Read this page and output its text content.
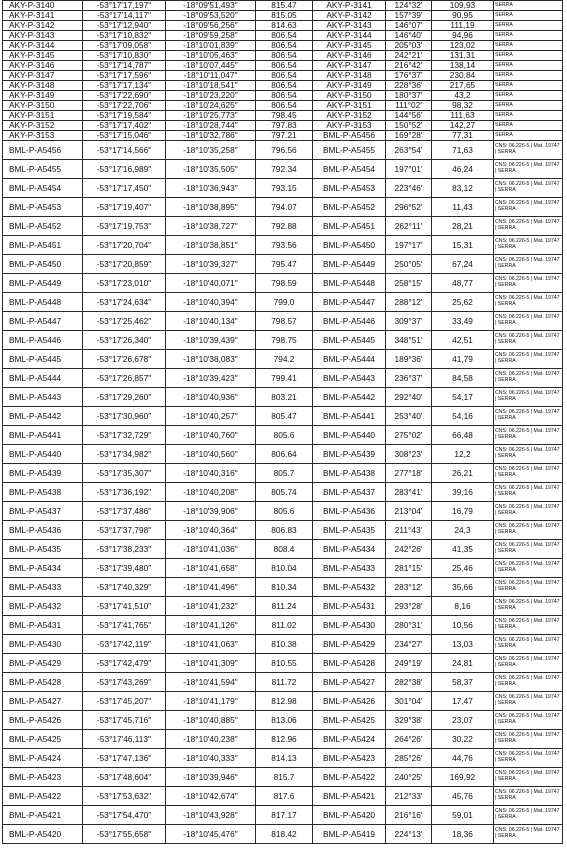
AKY-P-3140	-53°17'17,197"	-18°09'51,493"	815.47	AKY-P-3141	124°32'	109,93	SERRA
AKY-P-3141	-53°17'14,117"	-18°09'53,520"	815.05	AKY-P-3142	157°39'	90,95	SERRA
AKY-P-3142	-53°17'12,940"	-18°09'56,256"	814.63	AKY-P-3143	146°07'	111,19	SERRA
AKY-P-3143	-53°17'10,832"	-18°09'59,258"	806.54	AKY-P-3144	146°40'	94,96	SERRA
AKY-P-3144	-53°17'09,058"	-18°10'01,839"	806.54	AKY-P-3145	205°03'	123,02	SERRA
AKY-P-3145	-53°17'10,830"	-18°10'05,463"	806.54	AKY-P-3146	242°21'	131,31	SERRA
AKY-P-3146	-53°17'14,787"	-18°10'07,445"	806.54	AKY-P-3147	216°42'	138,14	SERRA
AKY-P-3147	-53°17'17,596"	-18°10'11,047"	806.54	AKY-P-3148	176°37'	230,84	SERRA
AKY-P-3148	-53°17'17,134"	-18°10'18,541"	806.54	AKY-P-3149	228°36'	217,65	SERRA
AKY-P-3149	-53°17'22,690"	-18°10'23,220"	806.54	AKY-P-3150	180°37'	43,2	SERRA
AKY-P-3150	-53°17'22,706"	-18°10'24,625"	806.54	AKY-P-3151	111°02'	98,32	SERRA
AKY-P-3151	-53°17'19,584"	-18°10'25,773"	798.45	AKY-P-3152	144°56'	111,63	SERRA
AKY-P-3152	-53°17'17,402"	-18°10'28,744"	797.83	AKY-P-3153	150°52'	142,27	SERRA
AKY-P-3153	-53°17'15,046"	-18°10'32,786"	797.21	BML-P-A5456	169°28'	77,31	SERRA
BML-P-A5456	-53°17'14,566"	-18°10'35,258"	796.56	BML-P-A5455	263°54'	71,63	CNS: 06.226-5 | Mat. 19747 | SERRA
BML-P-A5455	-53°17'16,989"	-18°10'35,505"	792.34	BML-P-A5454	197°01'	46,24	CNS: 06.226-5 | Mat. 19747 | SERRA
BML-P-A5454	-53°17'17,450"	-18°10'36,943"	793.15	BML-P-A5453	223°46'	83,12	CNS: 06.226-5 | Mat. 19747 | SERRA
BML-P-A5453	-53°17'19,407"	-18°10'38,895"	794.07	BML-P-A5452	296°52'	11,43	CNS: 06.226-5 | Mat. 19747 | SERRA
BML-P-A5452	-53°17'19,753"	-18°10'38,727"	792.88	BML-P-A5451	262°11'	28,21	CNS: 06.226-5 | Mat. 19747 | SERRA
BML-P-A5451	-53°17'20,704"	-18°10'38,851"	793.56	BML-P-A5450	197°17'	15,31	CNS: 06.226-5 | Mat. 19747 | SERRA
BML-P-A5450	-53°17'20,859"	-18°10'39,327"	795.47	BML-P-A5449	250°05'	67,24	CNS: 06.226-5 | Mat. 19747 | SERRA
BML-P-A5449	-53°17'23,010"	-18°10'40,071"	798.59	BML-P-A5448	258°15'	48,77	CNS: 06.226-5 | Mat. 19747 | SERRA
BML-P-A5448	-53°17'24,634"	-18°10'40,394"	799.0	BML-P-A5447	288°12'	25,62	CNS: 06.226-5 | Mat. 19747 | SERRA
BML-P-A5447	-53°17'25,462"	-18°10'40,134"	798.57	BML-P-A5446	309°37'	33,49	CNS: 06.226-5 | Mat. 19747 | SERRA
BML-P-A5446	-53°17'26,340"	-18°10'39,439"	798.75	BML-P-A5445	348°51'	42,51	CNS: 06.226-5 | Mat. 19747 | SERRA
BML-P-A5445	-53°17'26,678"	-18°10'38,083"	794.2	BML-P-A5444	189°36'	41,79	CNS: 06.226-5 | Mat. 19747 | SERRA
BML-P-A5444	-53°17'26,857"	-18°10'39,423"	799.41	BML-P-A5443	236°37'	84,58	CNS: 06.226-5 | Mat. 19747 | SERRA
BML-P-A5443	-53°17'29,260"	-18°10'40,936"	803.21	BML-P-A5442	292°40'	54,17	CNS: 06.226-5 | Mat. 19747 | SERRA
BML-P-A5442	-53°17'30,960"	-18°10'40,257"	805.47	BML-P-A5441	253°40'	54,16	CNS: 06.226-5 | Mat. 19747 | SERRA
BML-P-A5441	-53°17'32,729"	-18°10'40,760"	805.6	BML-P-A5440	275°02'	66,48	CNS: 06.226-5 | Mat. 19747 | SERRA
BML-P-A5440	-53°17'34,982"	-18°10'40,560"	806.64	BML-P-A5439	308°23'	12,2	CNS: 06.226-5 | Mat. 19747 | SERRA
BML-P-A5439	-53°17'35,307"	-18°10'40,316"	805.7	BML-P-A5438	277°18'	26,21	CNS: 06.226-5 | Mat. 19747 | SERRA
BML-P-A5438	-53°17'36,192"	-18°10'40,208"	805.74	BML-P-A5437	283°41'	39,16	CNS: 06.226-5 | Mat. 19747 | SERRA
BML-P-A5437	-53°17'37,486"	-18°10'39,906"	805.6	BML-P-A5436	213°04'	16,79	CNS: 06.226-5 | Mat. 19747 | SERRA
BML-P-A5436	-53°17'37,798"	-18°10'40,364"	806.83	BML-P-A5435	211°43'	24,3	CNS: 06.226-5 | Mat. 19747 | SERRA
BML-P-A5435	-53°17'38,233"	-18°10'41,036"	808.4	BML-P-A5434	242°26'	41,35	CNS: 06.226-5 | Mat. 19747 | SERRA
BML-P-A5434	-53°17'39,480"	-18°10'41,658"	810.04	BML-P-A5433	281°15'	25,46	CNS: 06.226-5 | Mat. 19747 | SERRA
BML-P-A5433	-53°17'40,329"	-18°10'41,496"	810.34	BML-P-A5432	283°12'	35,66	CNS: 06.226-5 | Mat. 19747 | SERRA
BML-P-A5432	-53°17'41,510"	-18°10'41,232"	811.24	BML-P-A5431	293°28'	8,16	CNS: 06.226-5 | Mat. 19747 | SERRA
BML-P-A5431	-53°17'41,765"	-18°10'41,126"	811.02	BML-P-A5430	280°31'	10,56	CNS: 06.226-5 | Mat. 19747 | SERRA
BML-P-A5430	-53°17'42,119"	-18°10'41,063"	810.38	BML-P-A5429	234°27'	13,03	CNS: 06.226-5 | Mat. 19747 | SERRA
BML-P-A5429	-53°17'42,479"	-18°10'41,309"	810.55	BML-P-A5428	249°19'	24,81	CNS: 06.226-5 | Mat. 19747 | SERRA
BML-P-A5428	-53°17'43,269"	-18°10'41,594"	811.72	BML-P-A5427	282°38'	58,37	CNS: 06.226-5 | Mat. 19747 | SERRA
BML-P-A5427	-53°17'45,207"	-18°10'41,179"	812.98	BML-P-A5426	301°04'	17,47	CNS: 06.226-5 | Mat. 19747 | SERRA
BML-P-A5426	-53°17'45,716"	-18°10'40,885"	813.06	BML-P-A5425	329°38'	23,07	CNS: 06.226-5 | Mat. 19747 | SERRA
BML-P-A5425	-53°17'46,113"	-18°10'40,238"	812.96	BML-P-A5424	264°26'	30,22	CNS: 06.226-5 | Mat. 19747 | SERRA
BML-P-A5424	-53°17'47,136"	-18°10'40,333"	814.13	BML-P-A5423	285°26'	44,76	CNS: 06.226-5 | Mat. 19747 | SERRA
BML-P-A5423	-53°17'48,604"	-18°10'39,946"	815.7	BML-P-A5422	240°25'	169,92	CNS: 06.226-5 | Mat. 19747 | SERRA
BML-P-A5422	-53°17'53,632"	-18°10'42,674"	817.6	BML-P-A5421	212°33'	45,76	CNS: 06.226-5 | Mat. 19747 | SERRA
BML-P-A5421	-53°17'54,470"	-18°10'43,928"	817.17	BML-P-A5420	216°16'	59,01	CNS: 06.226-5 | Mat. 19747 | SERRA
BML-P-A5420	-53°17'55,658"	-18°10'45,476"	818.42	BML-P-A5419	224°13'	18,36	CNS: 06.226-5 | Mat. 19747 | SERRA
